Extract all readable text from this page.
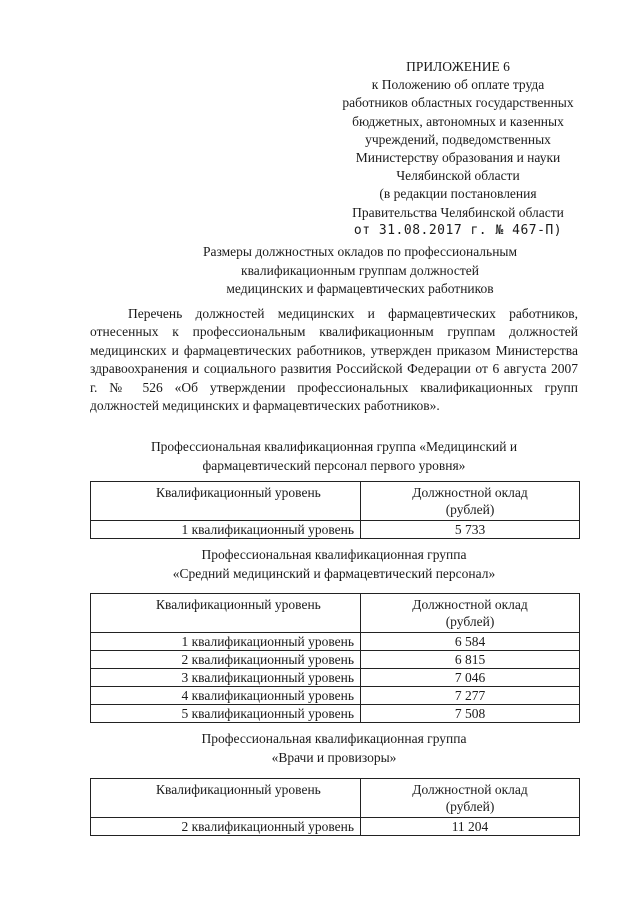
ПРИЛОЖЕНИЕ 6
к Положению об оплате труда
работников областных государственных
бюджетных, автономных и казенных
учреждений, подведомственных
Министерству образования и науки
Челябинской области
(в редакции постановления
Правительства Челябинской области
от 31.08.2017 г. № 467-П)
Размеры должностных окладов по профессиональным
квалификационным группам должностей
медицинских и фармацевтических работников
Перечень должностей медицинских и фармацевтических работников, отнесенных к профессиональным квалификационным группам должностей медицинских и фармацевтических работников, утвержден приказом Министерства здравоохранения и социального развития Российской Федерации от 6 августа 2007 г. № 526 «Об утверждении профессиональных квалификационных групп должностей медицинских и фармацевтических работников».
Профессиональная квалификационная группа «Медицинский и
фармацевтический персонал первого уровня»
Квалификационный уровень	Должностной оклад
(рублей)
1 квалификационный уровень	5 733
Профессиональная квалификационная группа
«Средний медицинский и фармацевтический персонал»
Квалификационный уровень	Должностной оклад
(рублей)
1 квалификационный уровень	6 584
2 квалификационный уровень	6 815
3 квалификационный уровень	7 046
4 квалификационный уровень	7 277
5 квалификационный уровень	7 508
Профессиональная квалификационная группа
«Врачи и провизоры»
Квалификационный уровень	Должностной оклад
(рублей)
2 квалификационный уровень	11 204
